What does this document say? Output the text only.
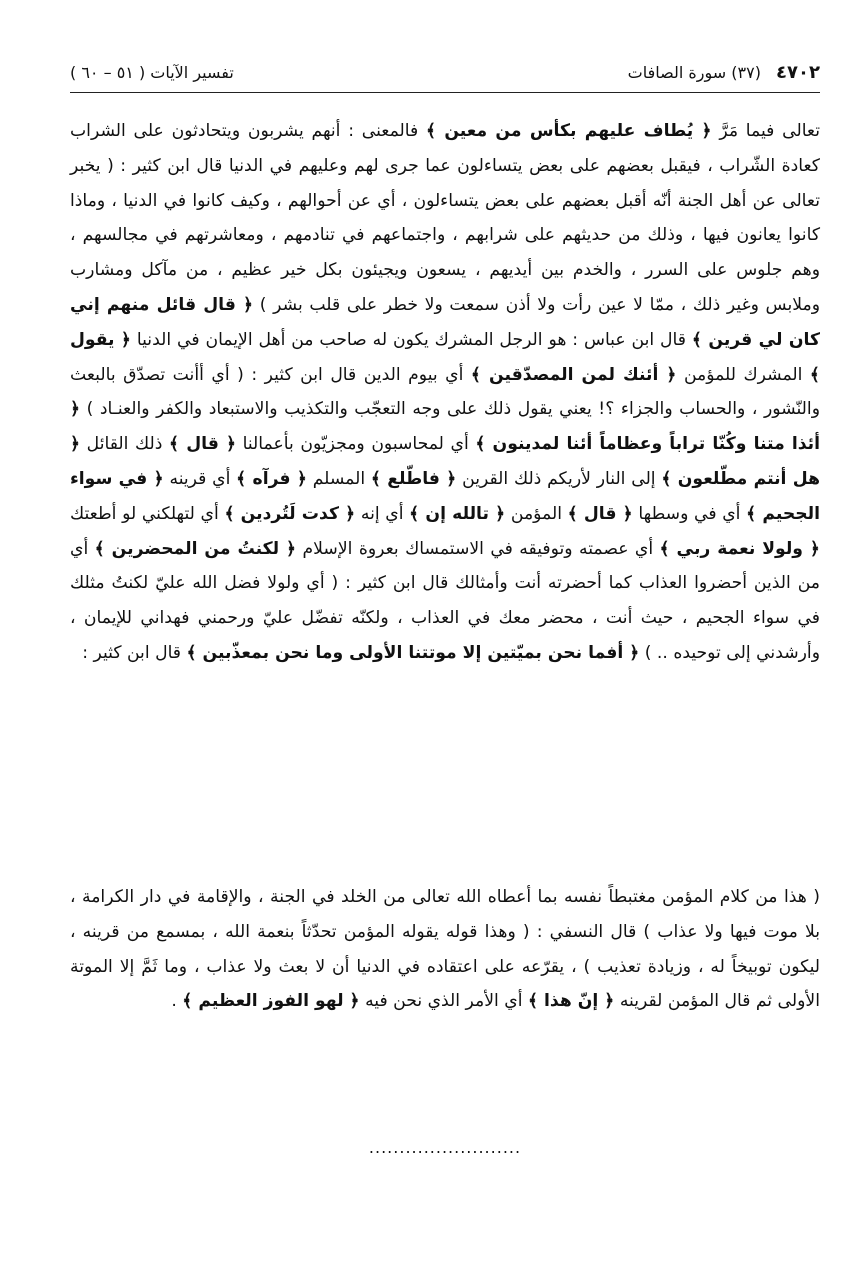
٤٧٠٢ (٣٧) سورة الصافات
تفسير الآيات ( ٥١ – ٦٠ )

تعالى فيما مَرَّ ﴿ يُطاف عليهم بكأس من معين ﴾ فالمعنى : أنهم يشربون ويتحادثون على الشراب كعادة الشّراب ، فيقبل بعضهم على بعض يتساءلون عما جرى لهم وعليهم في الدنيا قال ابن كثير : ( يخبر تعالى عن أهل الجنة أنّه أقبل بعضهم على بعض يتساءلون ، أي عن أحوالهم ، وكيف كانوا في الدنيا ، وماذا كانوا يعانون فيها ، وذلك من حديثهم على شرابهم ، واجتماعهم في تنادمهم ، ومعاشرتهم في مجالسهم ، وهم جلوس على السرر ، والخدم بين أيديهم ، يسعون ويجيئون بكل خير عظيم ، من مآكل ومشارب وملابس وغير ذلك ، ممّا لا عين رأت ولا أذن سمعت ولا خطر على قلب بشر ) ﴿ قال قائل منهم إني كان لي قرين ﴾ قال ابن عباس : هو الرجل المشرك يكون له صاحب من أهل الإيمان في الدنيا ﴿ يقول ﴾ المشرك للمؤمن ﴿ أئنك لمن المصدّقين ﴾ أي بيوم الدين قال ابن كثير : ( أي أأنت تصدّق بالبعث والنّشور ، والحساب والجزاء ؟! يعني يقول ذلك على وجه التعجّب والتكذيب والاستبعاد والكفر والعنـاد ) ﴿ أئذا متنا وكُنّا تراباً وعظاماً أئنا لمدينون ﴾ أي لمحاسبون ومجزيّون بأعمالنا ﴿ قال ﴾ ذلك القائل ﴿ هل أنتم مطّلعون ﴾ إلى النار لأريكم ذلك القرين ﴿ فاطّلع ﴾ المسلم ﴿ فرآه ﴾ أي قرينه ﴿ في سواء الجحيم ﴾ أي في وسطها ﴿ قال ﴾ المؤمن ﴿ تالله إن ﴾ أي إنه ﴿ كدت لَتُردين ﴾ أي لتهلكني لو أطعتك ﴿ ولولا نعمة ربي ﴾ أي عصمته وتوفيقه في الاستمساك بعروة الإسلام ﴿ لكنتُ من المحضرين ﴾ أي من الذين أحضروا العذاب كما أحضرته أنت وأمثالك قال ابن كثير : ( أي ولولا فضل الله عليّ لكنتُ مثلك في سواء الجحيم ، حيث أنت ، محضر معك في العذاب ، ولكنّه تفضّل عليّ ورحمني فهداني للإيمان ، وأرشدني إلى توحيده .. ) ﴿ أفما نحن بميّتين إلا موتتنا الأولى وما نحن بمعذّبين ﴾ قال ابن كثير :

( هذا من كلام المؤمن مغتبطاً نفسه بما أعطاه الله تعالى من الخلد في الجنة ، والإقامة في دار الكرامة ، بلا موت فيها ولا عذاب ) قال النسفي : ( وهذا قوله يقوله المؤمن تحدّثاً بنعمة الله ، بمسمع من قرينه ، ليكون توبيخاً له ، وزيادة تعذيب ) ، يقرّعه على اعتقاده في الدنيا أن لا بعث ولا عذاب ، وما ثَمَّ إلا الموتة الأولى ثم قال المؤمن لقرينه ﴿ إنّ هذا ﴾ أي الأمر الذي نحن فيه ﴿ لهو الفوز العظيم ﴾ .

.........................
